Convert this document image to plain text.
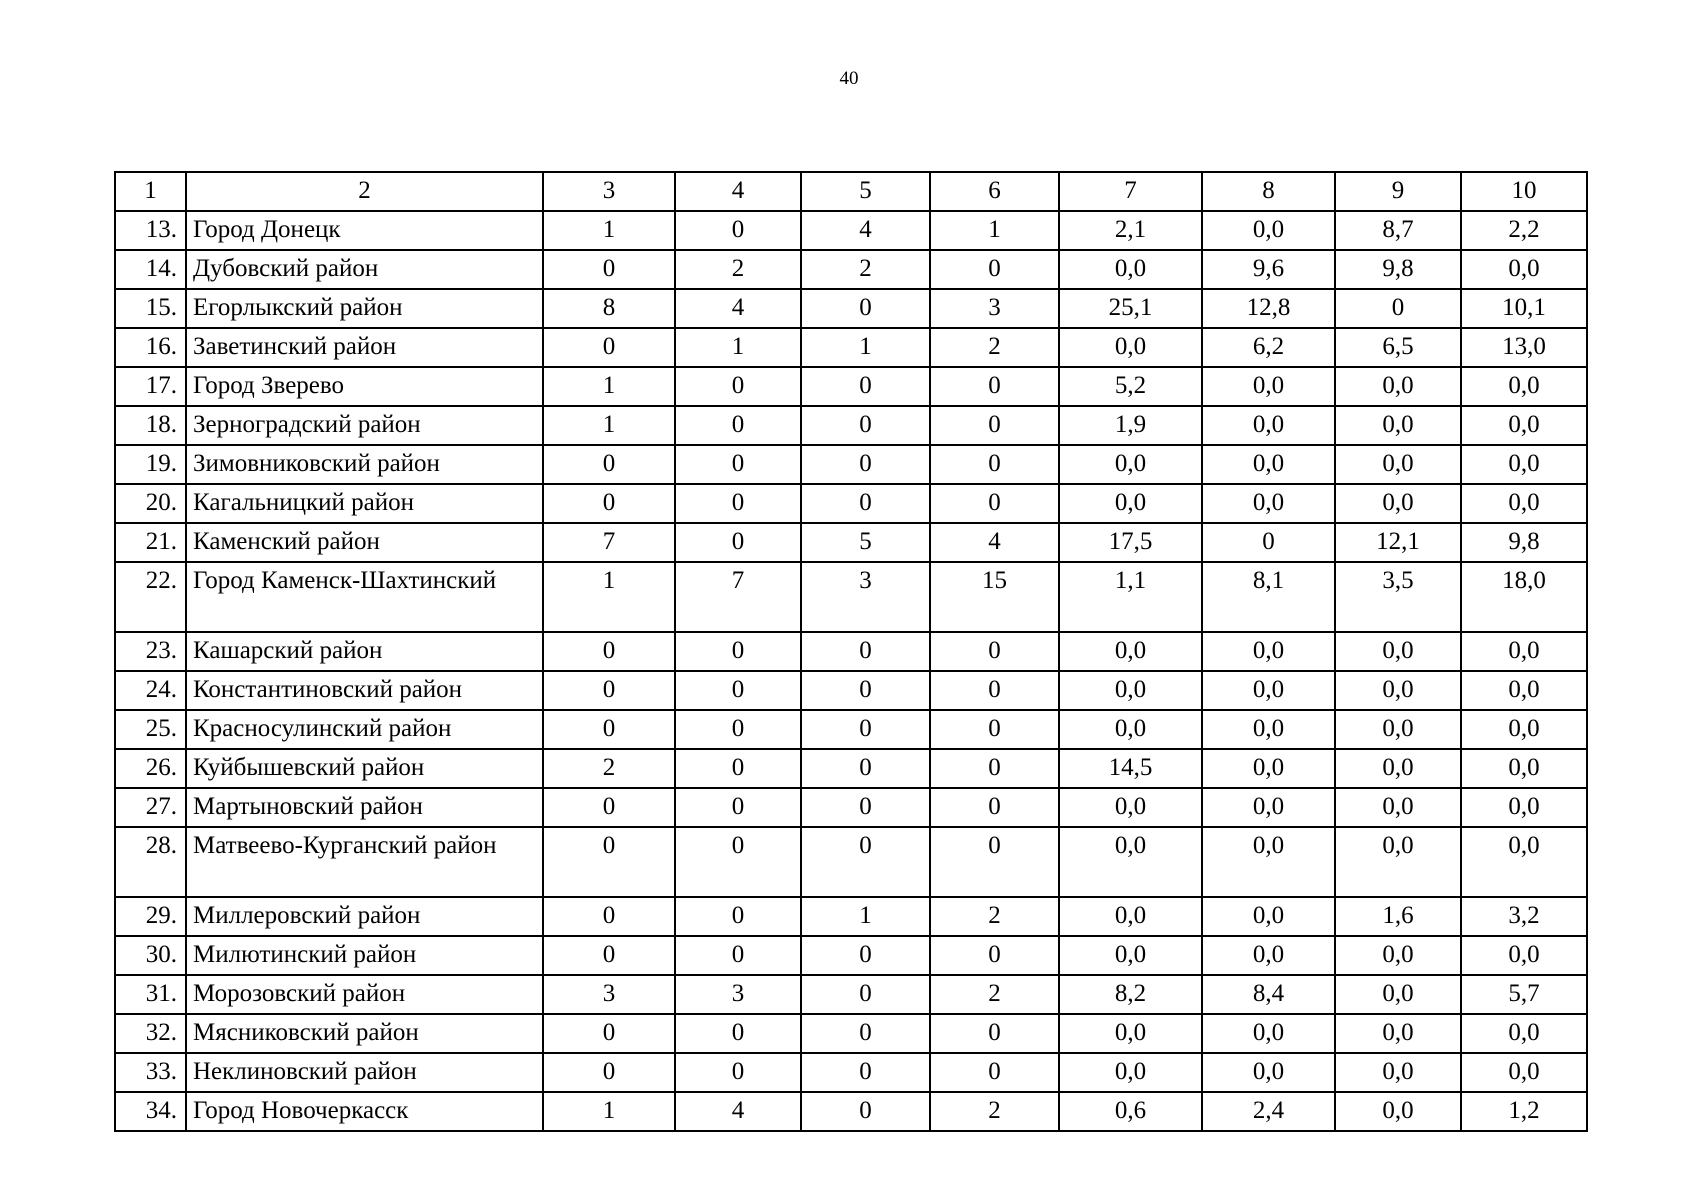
40
1	2	3	4	5	6	7	8	9	10
13.	Город Донецк	1	0	4	1	2,1	0,0	8,7	2,2
14.	Дубовский район	0	2	2	0	0,0	9,6	9,8	0,0
15.	Егорлыкский район	8	4	0	3	25,1	12,8	0	10,1
16.	Заветинский район	0	1	1	2	0,0	6,2	6,5	13,0
17.	Город Зверево	1	0	0	0	5,2	0,0	0,0	0,0
18.	Зерноградский район	1	0	0	0	1,9	0,0	0,0	0,0
19.	Зимовниковский район	0	0	0	0	0,0	0,0	0,0	0,0
20.	Кагальницкий район	0	0	0	0	0,0	0,0	0,0	0,0
21.	Каменский район	7	0	5	4	17,5	0	12,1	9,8
22.	Город Каменск-Шахтинский	1	7	3	15	1,1	8,1	3,5	18,0
23.	Кашарский район	0	0	0	0	0,0	0,0	0,0	0,0
24.	Константиновский район	0	0	0	0	0,0	0,0	0,0	0,0
25.	Красносулинский район	0	0	0	0	0,0	0,0	0,0	0,0
26.	Куйбышевский район	2	0	0	0	14,5	0,0	0,0	0,0
27.	Мартыновский район	0	0	0	0	0,0	0,0	0,0	0,0
28.	Матвеево-Курганский район	0	0	0	0	0,0	0,0	0,0	0,0
29.	Миллеровский район	0	0	1	2	0,0	0,0	1,6	3,2
30.	Милютинский район	0	0	0	0	0,0	0,0	0,0	0,0
31.	Морозовский район	3	3	0	2	8,2	8,4	0,0	5,7
32.	Мясниковский район	0	0	0	0	0,0	0,0	0,0	0,0
33.	Неклиновский район	0	0	0	0	0,0	0,0	0,0	0,0
34.	Город Новочеркасск	1	4	0	2	0,6	2,4	0,0	1,2
